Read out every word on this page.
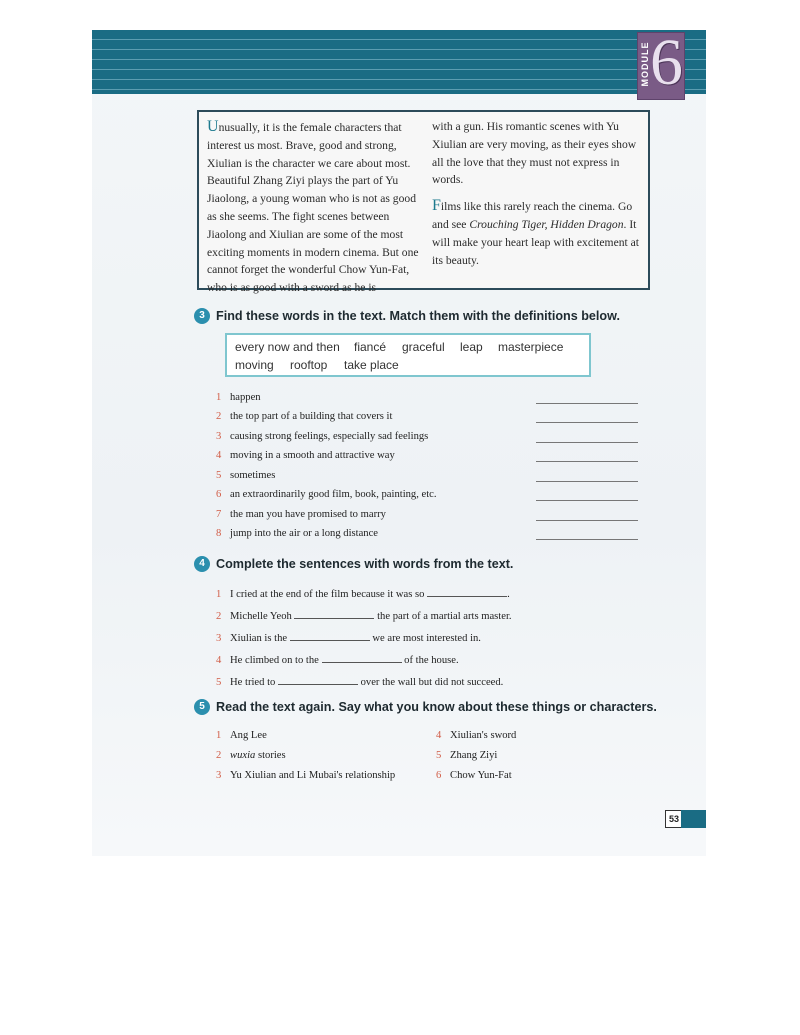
MODULE 6

Unusually, it is the female characters that interest us most. Brave, good and strong, Xiulian is the character we care about most. Beautiful Zhang Ziyi plays the part of Yu Jiaolong, a young woman who is not as good as she seems. The fight scenes between Jiaolong and Xiulian are some of the most exciting moments in modern cinema. But one cannot forget the wonderful Chow Yun-Fat, who is as good with a sword as he is

with a gun. His romantic scenes with Yu Xiulian are very moving, as their eyes show all the love that they must not express in words.

Films like this rarely reach the cinema. Go and see Crouching Tiger, Hidden Dragon. It will make your heart leap with excitement at its beauty.

3 Find these words in the text. Match them with the definitions below.
every now and then fiancé graceful leap masterpiece
moving rooftop take place
1 happen
2 the top part of a building that covers it
3 causing strong feelings, especially sad feelings
4 moving in a smooth and attractive way
5 sometimes
6 an extraordinarily good film, book, painting, etc.
7 the man you have promised to marry
8 jump into the air or a long distance
4 Complete the sentences with words from the text.
1 I cried at the end of the film because it was so	.
2 Michelle Yeoh	the part of a martial arts master.
3 Xiulian is the	we are most interested in.
4 He climbed on to the	of the house.
5 He tried to	over the wall but did not succeed.
5 Read the text again. Say what you know about these things or characters.
1 Ang Lee
2 wuxia stories
3 Yu Xiulian and Li Mubai's relationship
4 Xiulian's sword
5 Zhang Ziyi
6 Chow Yun-Fat
53
